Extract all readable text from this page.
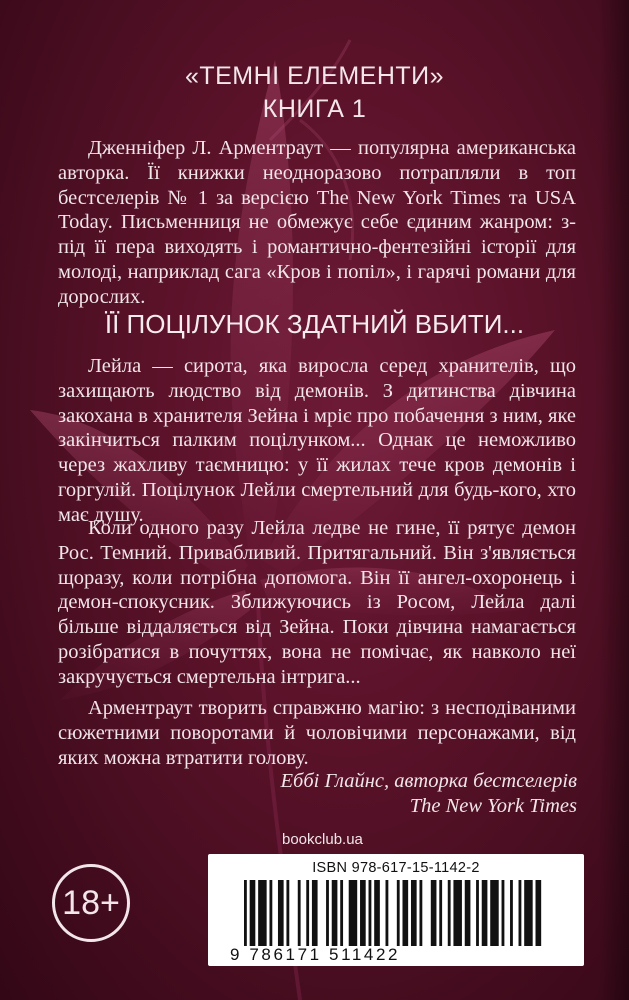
«ТЕМНІ ЕЛЕМЕНТИ»
КНИГА 1
Дженніфер Л. Арментраут — популярна американська авторка. Її книжки неодноразово потрапляли в топ бестселерів № 1 за версією The New York Times та USA Today. Письменниця не обмежує себе єдиним жанром: з-під її пера виходять і романтично-фентезійні історії для молоді, наприклад сага «Кров і попіл», і гарячі романи для дорослих.
ЇЇ ПОЦІЛУНОК ЗДАТНИЙ ВБИТИ...
Лейла — сирота, яка виросла серед хранителів, що захищають людство від демонів. З дитинства дівчина закохана в хранителя Зейна і мріє про побачення з ним, яке закінчиться палким поцілунком... Однак це неможливо через жахливу таємницю: у її жилах тече кров демонів і горгулій. Поцілунок Лейли смертельний для будь-кого, хто має душу.
Коли одного разу Лейла ледве не гине, її рятує демон Рос. Темний. Привабливий. Притягальний. Він з'являється щоразу, коли потрібна допомога. Він її ангел-охоронець і демон-спокусник. Зближуючись із Росом, Лейла далі більше віддаляється від Зейна. Поки дівчина намагається розібратися в почуттях, вона не помічає, як навколо неї закручується смертельна інтрига...
Арментраут творить справжню магію: з несподіваними сюжетними поворотами й чоловічими персонажами, від яких можна втратити голову.
Еббі Глайнс, авторка бестселерів
The New York Times
bookclub.ua
18+
ISBN 978-617-15-1142-2
9 786171 511422
